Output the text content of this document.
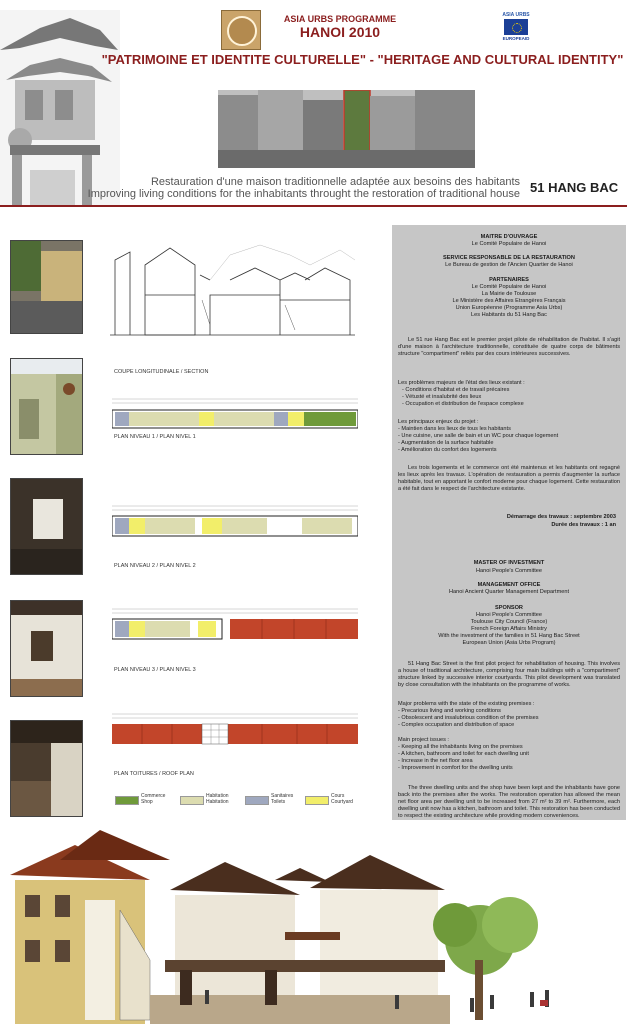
ASIA URBS PROGRAMME
HANOI 2010
ASIA URBS
EUROPEAID
"PATRIMOINE ET IDENTITE CULTURELLE" - "HERITAGE AND CULTURAL IDENTITY"
Restauration d'une maison traditionnelle adaptée aux besoins des habitants
Improving living conditions for the inhabitants throught the restoration of traditional house 51 HANG BAC
COUPE LONGITUDINALE / SECTION
PLAN NIVEAU 1 / PLAN NIVEL 1
PLAN NIVEAU 2 / PLAN NIVEL 2
PLAN NIVEAU 3 / PLAN NIVEL 3
PLAN TOITURES / ROOF PLAN
Commerce
Shop
Habitation
Habitation
Sanitaires
Toilets
Cours
Courtyard
MAITRE D'OUVRAGE
Le Comité Populaire de Hanoi
SERVICE RESPONSABLE DE LA RESTAURATION
Le Bureau de gestion de l'Ancien Quartier de Hanoi
PARTENAIRES
Le Comité Populaire de Hanoi
La Mairie de Toulouse
Le Ministère des Affaires Etrangères Français
Union Européenne (Programme Asia Urbs)
Les Habitants du 51 Hang Bac
Le 51 rue Hang Bac est le premier projet pilote de réhabilitation de l'habitat. Il s'agit d'une maison à l'architecture traditionnelle, constituée de quatre corps de bâtiments structure "compartiment" reliés par des cours intérieures successives.
Les problèmes majeurs de l'état des lieux existant :
- Conditions d'habitat et de travail précaires
- Vétusté et insalubrité des lieux
- Occupation et distribution de l'espace complexe
Les principaux enjeux du projet :
- Maintien dans les lieux de tous les habitants
- Une cuisine, une salle de bain et un WC pour chaque logement
- Augmentation de la surface habitable
- Amélioration du confort des logements
Les trois logements et le commerce ont été maintenus et les habitants ont regagné les lieux après les travaux. L'opération de restauration a permis d'augmenter la surface habitable, tout en apportant le confort moderne pour chaque logement. Cette restauration a été fait dans le respect de l'architecture existante.
Démarrage des travaux : septembre 2003
Durée des travaux : 1 an
MASTER OF INVESTMENT
Hanoi People's Committee
MANAGEMENT OFFICE
Hanoi Ancient Quarter Management Department
SPONSOR
Hanoi People's Committee
Toulouse City Council (France)
French Foreign Affairs Ministry
With the investment of the families in 51 Hang Bac Street
European Union (Asia Urbs Program)
51 Hang Bac Street is the first pilot project for rehabilitation of housing. This involves a house of traditional architecture, comprising four main buildings with a "compartiment" structure linked by successive interior courtyards. This pilot development was translated by close consultation with the inhabitants on the programme of works.
Major problems with the state of the existing premises :
- Precarious living and working conditions
- Obsolescent and insalubrious condition of the premises
- Complex occupation and distribution of space
Main project issues :
- Keeping all the inhabitants living on the premises
- A kitchen, bathroom and toilet for each dwelling unit
- Increase in the net floor area
- Improvement in comfort for the dwelling units
The three dwelling units and the shop have been kept and the inhabitants have gone back into the premises after the works. The restoration operation has allowed the mean net floor area per dwelling unit to be increased from 27 m² to 39 m². Furthermore, each dwelling unit now has a kitchen, bathroom and toilet. This restoration has been conducted to respect the existing architecture while providing modern conveniences.
